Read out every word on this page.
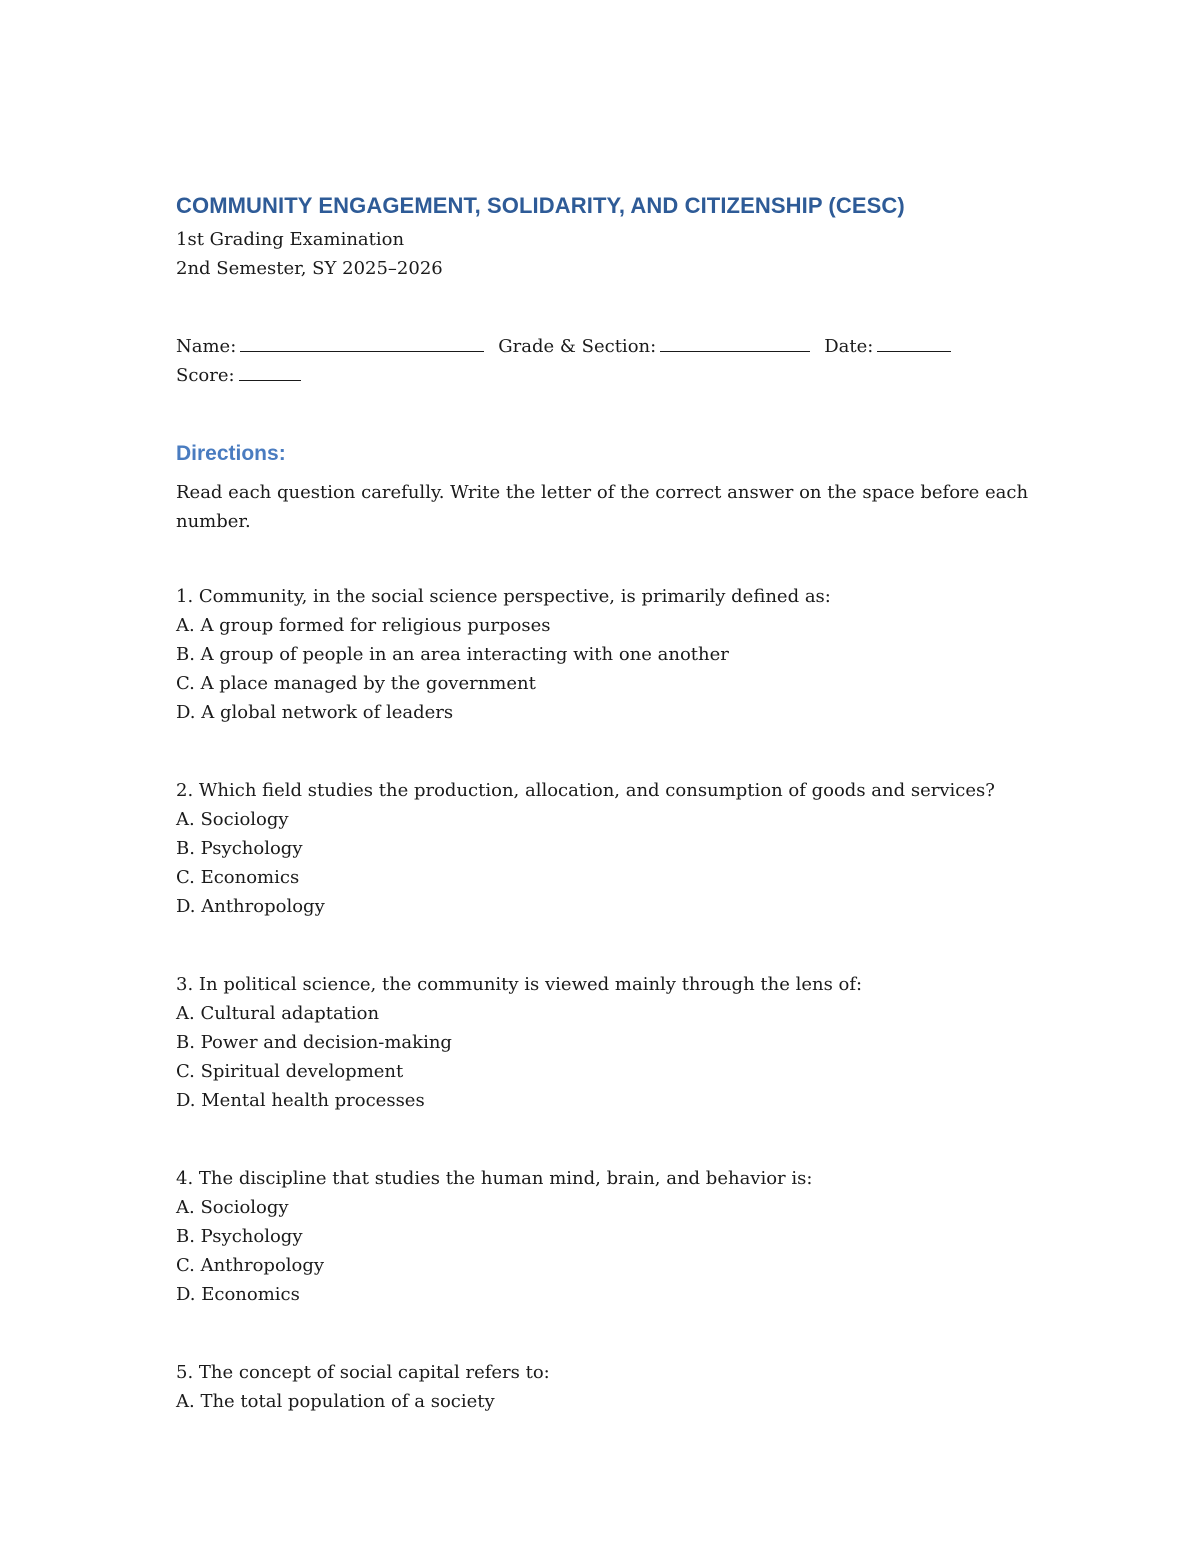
COMMUNITY ENGAGEMENT, SOLIDARITY, AND CITIZENSHIP (CESC)
1st Grading Examination
2nd Semester, SY 2025–2026
Name:	Grade & Section:	Date:
Score:
Directions:

Read each question carefully. Write the letter of the correct answer on the space before each number.

1. Community, in the social science perspective, is primarily defined as:
A. A group formed for religious purposes
B. A group of people in an area interacting with one another
C. A place managed by the government
D. A global network of leaders
2. Which field studies the production, allocation, and consumption of goods and services?
A. Sociology
B. Psychology
C. Economics
D. Anthropology
3. In political science, the community is viewed mainly through the lens of:
A. Cultural adaptation
B. Power and decision-making
C. Spiritual development
D. Mental health processes
4. The discipline that studies the human mind, brain, and behavior is:
A. Sociology
B. Psychology
C. Anthropology
D. Economics
5. The concept of social capital refers to:
A. The total population of a society
